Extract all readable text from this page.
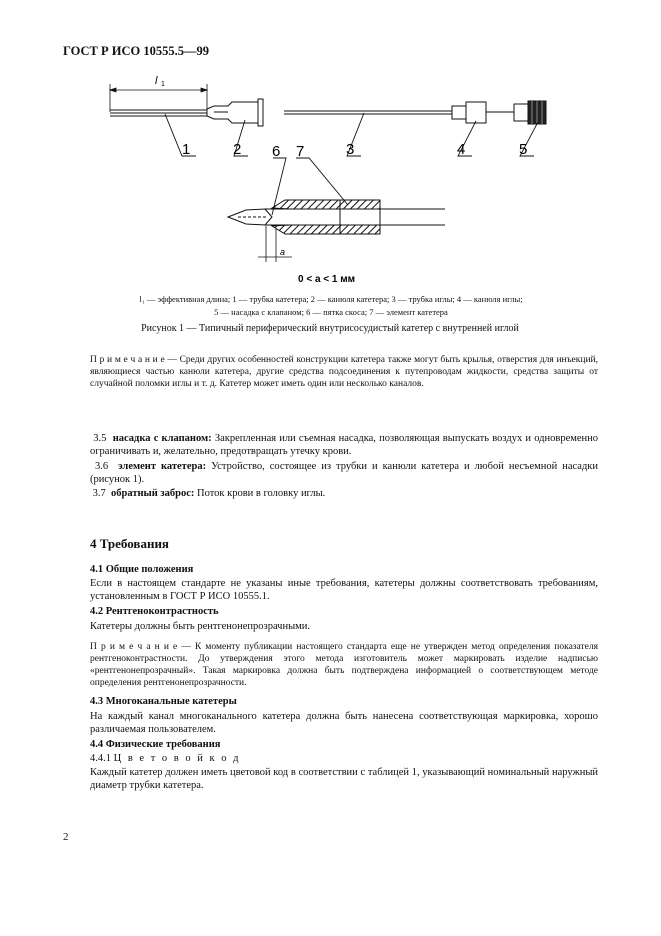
ГОСТ Р ИСО 10555.5—99
l 1
1	2	3	4	5
а
0 < а < 1 мм
6 7
l₁ — эффективная длина; 1 — трубка катетера; 2 — канюля катетера; 3 — трубка иглы; 4 — канюля иглы;
5 — насадка с клапаном; 6 — пятка скоса; 7 — элемент катетера
Рисунок 1 — Типичный периферический внутрисосудистый катетер с внутренней иглой
П р и м е ч а н и е — Среди других особенностей конструкции катетера также могут быть крылья, отверстия для инъекций, являющиеся частью канюли катетера, другие средства подсоединения к путепроводам жидкости, средства защиты от случайной поломки иглы и т. д. Катетер может иметь один или несколько каналов.
3.5 насадка с клапаном: Закрепленная или съемная насадка, позволяющая выпускать воздух и одновременно ограничивать и, желательно, предотвращать утечку крови.
3.6 элемент катетера: Устройство, состоящее из трубки и канюли катетера и любой несъемной насадки (рисунок 1).
3.7 обратный заброс: Поток крови в головку иглы.
4 Требования
4.1 Общие положения
Если в настоящем стандарте не указаны иные требования, катетеры должны соответствовать требованиям, установленным в ГОСТ Р ИСО 10555.1.
4.2 Рентгеноконтрастность
Катетеры должны быть рентгенонепрозрачными.
П р и м е ч а н и е — К моменту публикации настоящего стандарта еще не утвержден метод определения показателя рентгеноконтрастности. До утверждения этого метода изготовитель может маркировать изделие надписью «рентгенонепрозрачный». Такая маркировка должна быть подтверждена информацией о соответствующем методе определения рентгенонепрозрачности.
4.3 Многоканальные катетеры
На каждый канал многоканального катетера должна быть нанесена соответствующая маркировка, хорошо различаемая пользователем.
4.4 Физические требования
4.4.1 Ц в е т о в о й к о д
Каждый катетер должен иметь цветовой код в соответствии с таблицей 1, указывающий номинальный наружный диаметр трубки катетера.
2
